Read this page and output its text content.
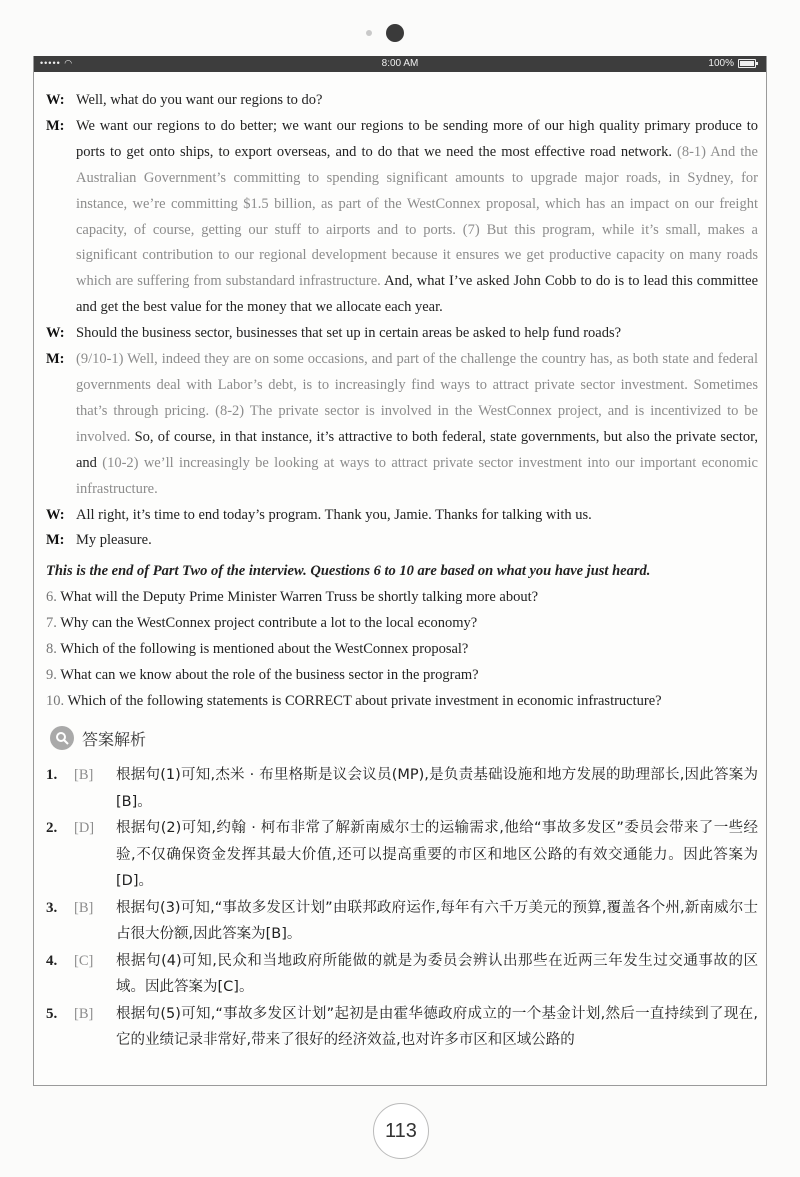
••••• ◠	8:00 AM	100%

W: Well, what do you want our regions to do?

M: We want our regions to do better; we want our regions to be sending more of our high quality primary produce to ports to get onto ships, to export overseas, and to do that we need the most effective road network. (8-1) And the Australian Government’s committing to spending significant amounts to upgrade major roads, in Sydney, for instance, we’re committing $1.5 billion, as part of the WestConnex proposal, which has an impact on our freight capacity, of course, getting our stuff to airports and to ports. (7) But this program, while it’s small, makes a significant contribution to our regional development because it ensures we get productive capacity on many roads which are suffering from substandard infrastructure. And, what I’ve asked John Cobb to do is to lead this committee and get the best value for the money that we allocate each year.

W: Should the business sector, businesses that set up in certain areas be asked to help fund roads?

M: (9/10-1) Well, indeed they are on some occasions, and part of the challenge the country has, as both state and federal governments deal with Labor’s debt, is to increasingly find ways to attract private sector investment. Sometimes that’s through pricing. (8-2) The private sector is involved in the WestConnex project, and is incentivized to be involved. So, of course, in that instance, it’s attractive to both federal, state governments, but also the private sector, and (10-2) we’ll increasingly be looking at ways to attract private sector investment into our important economic infrastructure.

W: All right, it’s time to end today’s program. Thank you, Jamie. Thanks for talking with us.

M: My pleasure.

This is the end of Part Two of the interview. Questions 6 to 10 are based on what you have just heard.

6. What will the Deputy Prime Minister Warren Truss be shortly talking more about?

7. Why can the WestConnex project contribute a lot to the local economy?

8. Which of the following is mentioned about the WestConnex proposal?

9. What can we know about the role of the business sector in the program?

10. Which of the following statements is CORRECT about private investment in economic infrastructure?

答案解析
1.	[B]	根据句(1)可知,杰米 · 布里格斯是议会议员(MP),是负责基础设施和地方发展的助理部长,因此答案为[B]。
2.	[D]	根据句(2)可知,约翰 · 柯布非常了解新南威尔士的运输需求,他给“事故多发区”委员会带来了一些经验,不仅确保资金发挥其最大价值,还可以提高重要的市区和地区公路的有效交通能力。因此答案为[D]。
3.	[B]	根据句(3)可知,“事故多发区计划”由联邦政府运作,每年有六千万美元的预算,覆盖各个州,新南威尔士占很大份额,因此答案为[B]。
4.	[C]	根据句(4)可知,民众和当地政府所能做的就是为委员会辨认出那些在近两三年发生过交通事故的区域。因此答案为[C]。
5.	[B]	根据句(5)可知,“事故多发区计划”起初是由霍华德政府成立的一个基金计划,然后一直持续到了现在,它的业绩记录非常好,带来了很好的经济效益,也对许多市区和区域公路的
113
